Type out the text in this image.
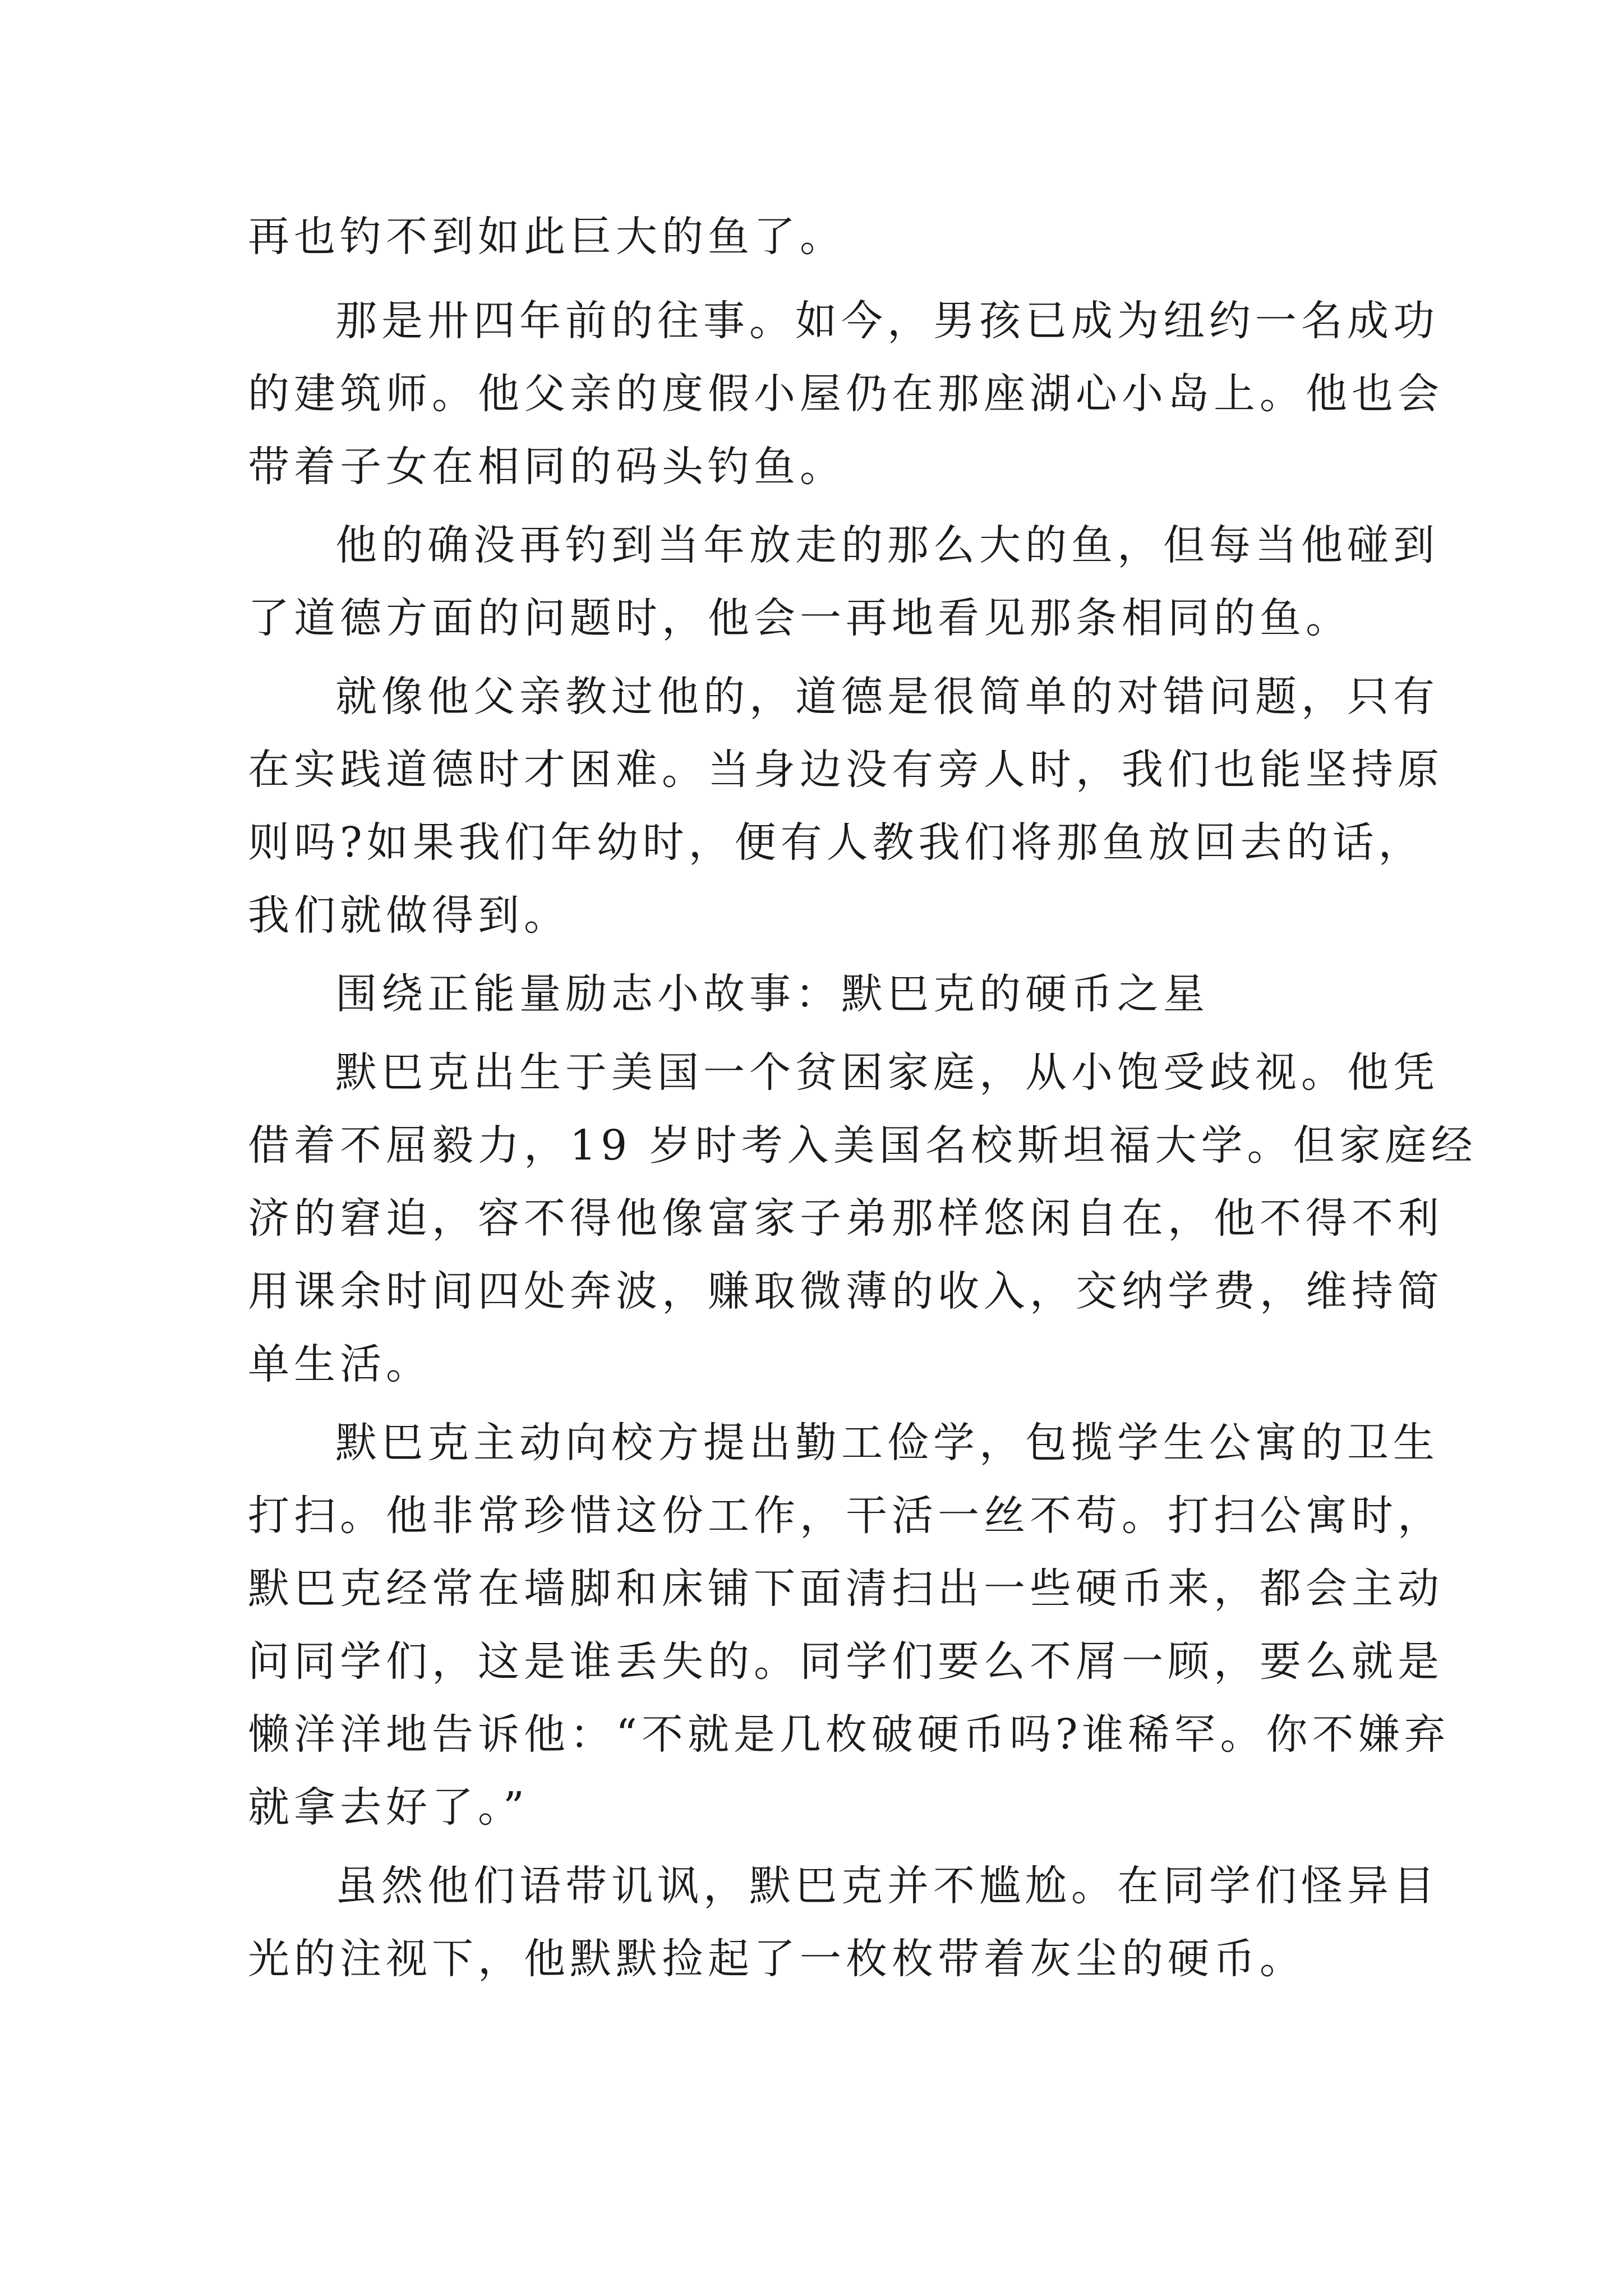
再也钓不到如此巨大的鱼了。

那是卅四年前的往事。如今，男孩已成为纽约一名成功

的建筑师。他父亲的度假小屋仍在那座湖心小岛上。他也会

带着子女在相同的码头钓鱼。

他的确没再钓到当年放走的那么大的鱼，但每当他碰到

了道德方面的问题时，他会一再地看见那条相同的鱼。

就像他父亲教过他的，道德是很简单的对错问题，只有

在实践道德时才困难。当身边没有旁人时，我们也能坚持原

则吗?如果我们年幼时，便有人教我们将那鱼放回去的话，

我们就做得到。

围绕正能量励志小故事：默巴克的硬币之星

默巴克出生于美国一个贫困家庭，从小饱受歧视。他凭

借着不屈毅力，19 岁时考入美国名校斯坦福大学。但家庭经

济的窘迫，容不得他像富家子弟那样悠闲自在，他不得不利

用课余时间四处奔波，赚取微薄的收入，交纳学费，维持简

单生活。

默巴克主动向校方提出勤工俭学，包揽学生公寓的卫生

打扫。他非常珍惜这份工作，干活一丝不苟。打扫公寓时，

默巴克经常在墙脚和床铺下面清扫出一些硬币来，都会主动

问同学们，这是谁丢失的。同学们要么不屑一顾，要么就是

懒洋洋地告诉他：“不就是几枚破硬币吗?谁稀罕。你不嫌弃

就拿去好了。”

虽然他们语带讥讽，默巴克并不尴尬。在同学们怪异目

光的注视下，他默默捡起了一枚枚带着灰尘的硬币。
